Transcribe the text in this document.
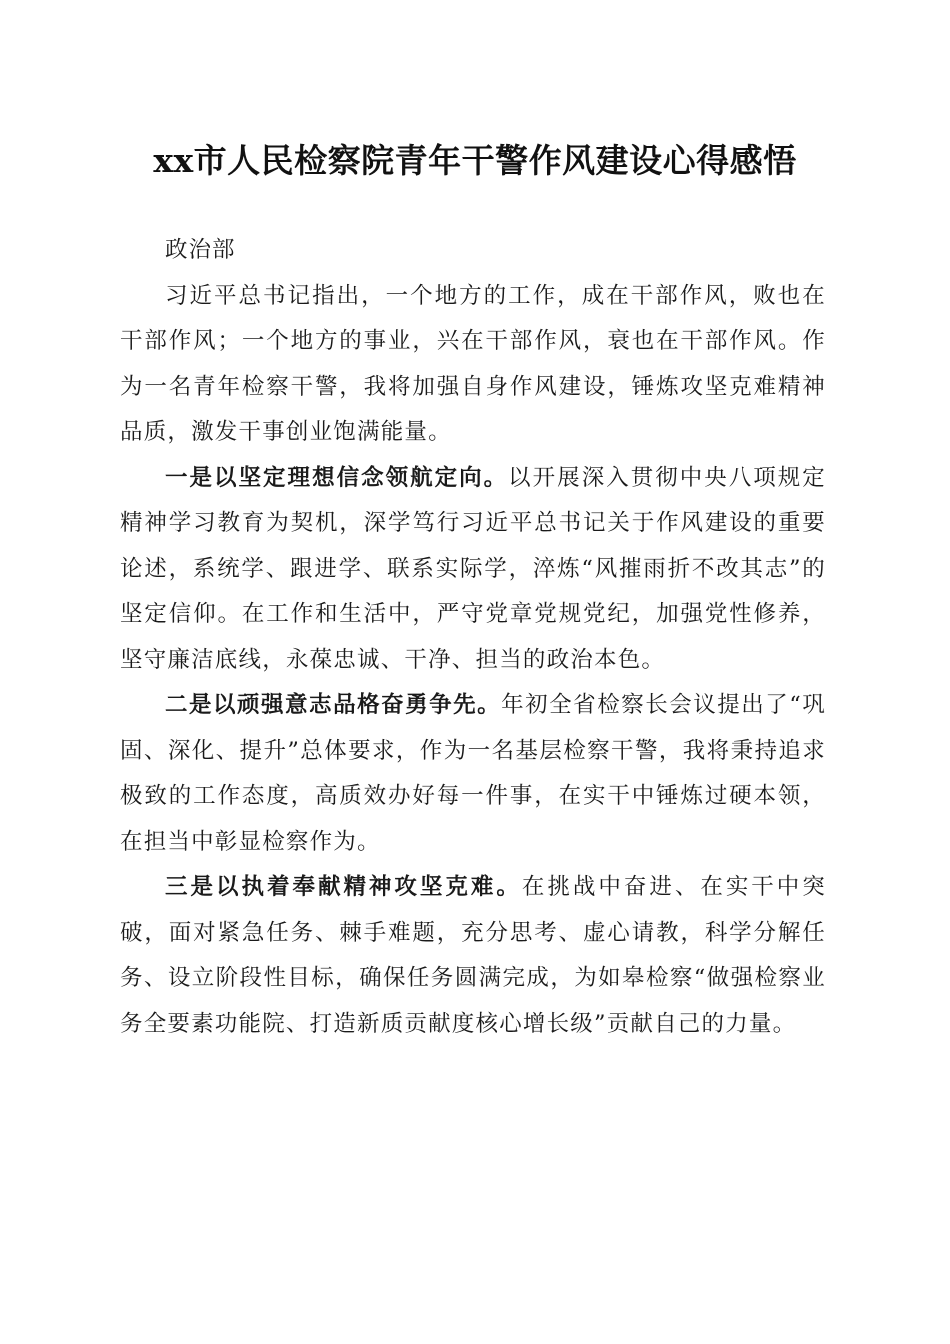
xx市人民检察院青年干警作风建设心得感悟

政治部

习近平总书记指出，一个地方的工作，成在干部作风，败也在干部作风；一个地方的事业，兴在干部作风，衰也在干部作风。作为一名青年检察干警，我将加强自身作风建设，锤炼攻坚克难精神品质，激发干事创业饱满能量。

一是以坚定理想信念领航定向。以开展深入贯彻中央八项规定精神学习教育为契机，深学笃行习近平总书记关于作风建设的重要论述，系统学、跟进学、联系实际学，淬炼“风摧雨折不改其志”的坚定信仰。在工作和生活中，严守党章党规党纪，加强党性修养，坚守廉洁底线，永葆忠诚、干净、担当的政治本色。

二是以顽强意志品格奋勇争先。年初全省检察长会议提出了“巩固、深化、提升”总体要求，作为一名基层检察干警，我将秉持追求极致的工作态度，高质效办好每一件事，在实干中锤炼过硬本领，在担当中彰显检察作为。

三是以执着奉献精神攻坚克难。在挑战中奋进、在实干中突破，面对紧急任务、棘手难题，充分思考、虚心请教，科学分解任务、设立阶段性目标，确保任务圆满完成，为如皋检察“做强检察业务全要素功能院、打造新质贡献度核心增长级”贡献自己的力量。
